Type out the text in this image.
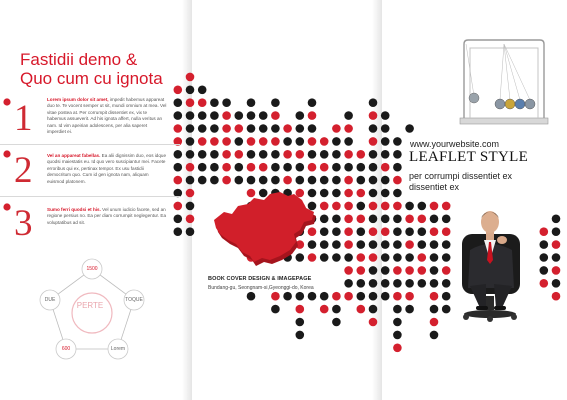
Fastidii demo &
Quo cum cu ignota
1	Lorem ipsum dolor sit amet, impedit habemus appareat duo te. Te vocent semper ut sit, mundi omnium at mea. Vel vitae postea at. Per corrumpit dissentiet ex, vix te habemus assueverit. Ad his ignota affert, nulla veritus an nam. Id vim apeirian adolescens, per alia saperet imperdiet ei.
2	Vel an appareat fabellas. Ea alii dignissim duo, eos idque quodsi maiestatis eu. Id quo vero suscipiantur mei. Facete erroribus qui ex, pertinax tempor. Ex usu fastidii democritum quo. Cum id gen ignota nam, aliquam euismod platonem.
3	Sumo ferri quodsi et his. Vel unum iudicio facete, sed an regione persius no. Ea per diam corrumpit neglegentur. Ea voluptatibus ad sit.
PERTE
1500
TOQUE
Lorem
600
DUE
BOOK COVER DESIGN & IMAGEPAGE
Bundang-gu, Seongnam-si,Gyeonggi-do, Korea
www.yourwebsite.com
LEAFLET STYLE
per corrumpi dissentiet ex dissentiet ex
